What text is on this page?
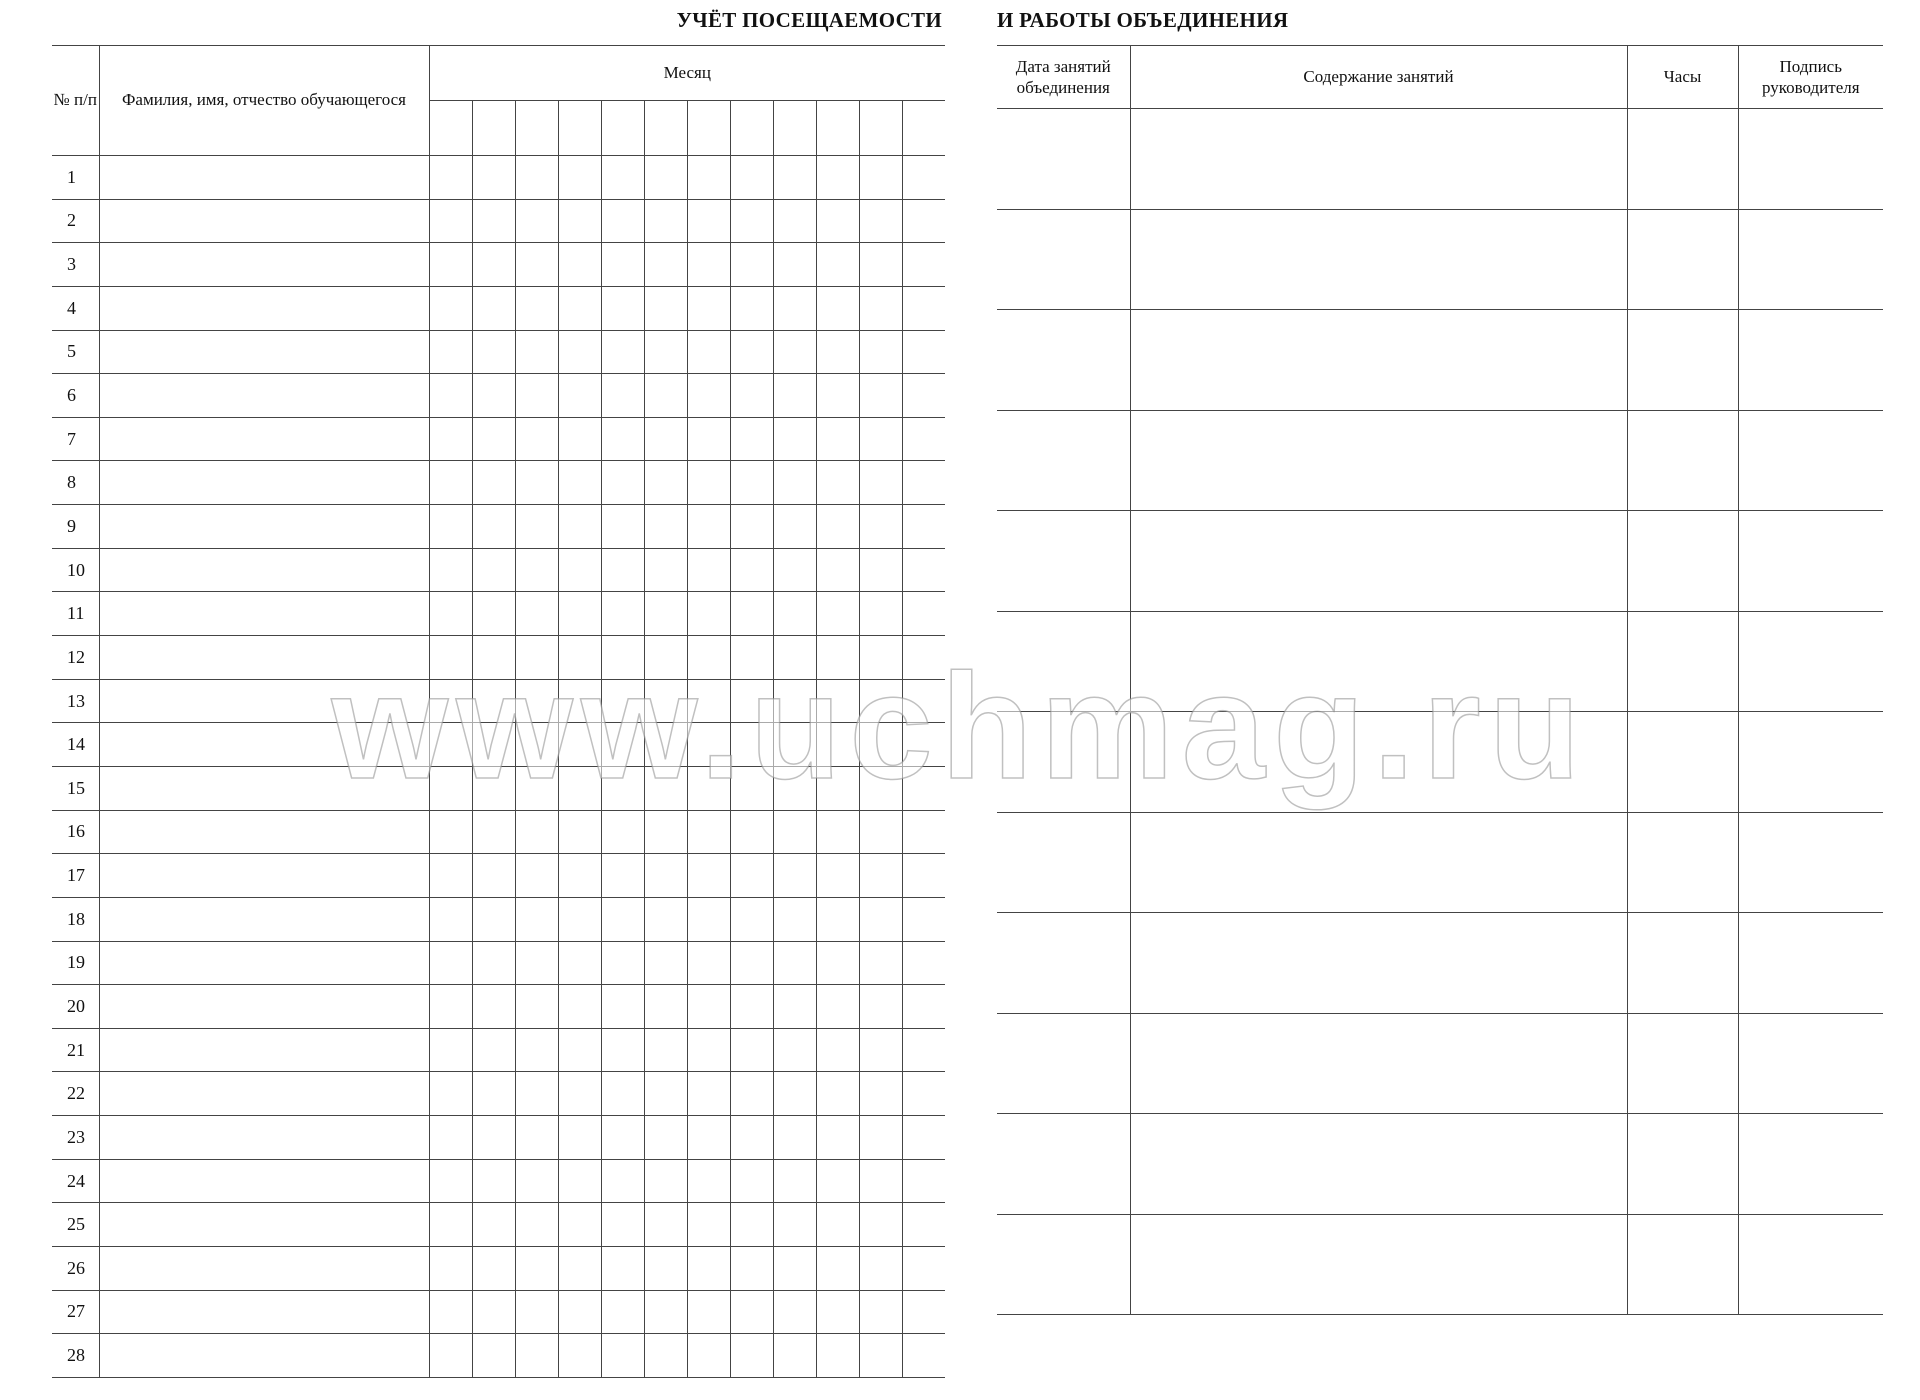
УЧЁТ ПОСЕЩАЕМОСТИ	И РАБОТЫ ОБЪЕДИНЕНИЯ
№ п/п	Фамилия, имя, отчество обучающегося	Месяц											

1													
2													
3													
4													
5													
6													
7													
8													
9													
10													
11													
12													
13													
14													
15													
16													
17													
18													
19													
20													
21													
22													
23													
24													
25													
26													
27													
28													
Дата занятий объединения	Содержание занятий	Часы	Подпись руководителя

www.uchmag.ru
